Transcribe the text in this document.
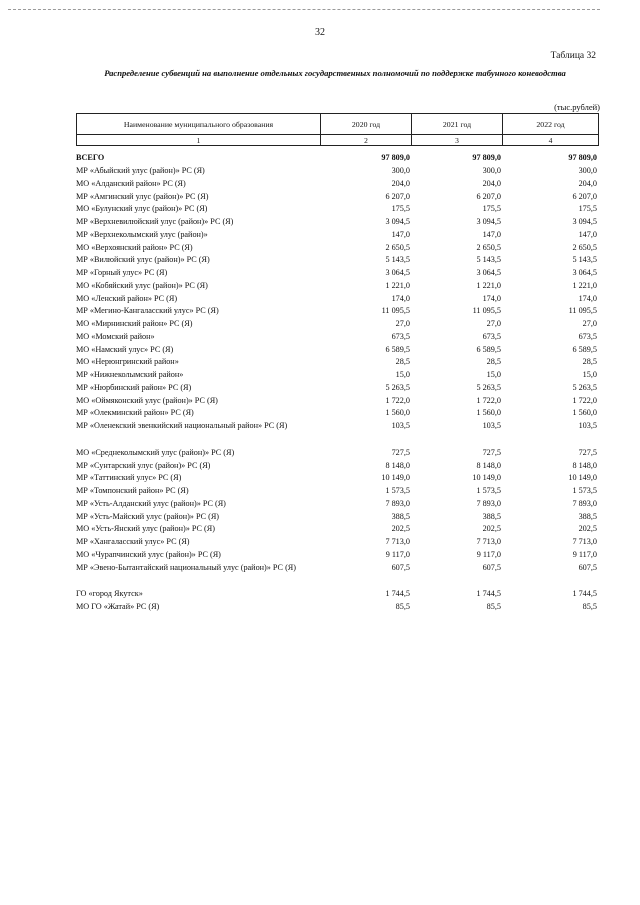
32
Таблица 32
Распределение субвенций на выполнение отдельных государственных полномочий по поддержке табунного коневодства
(тыс.рублей)
Наименование муниципального образования	2020 год	2021 год	2022 год
1	2	3	4
ВСЕГО	97 809,0	97 809,0	97 809,0
МР «Абыйский улус (район)» РС (Я)	300,0	300,0	300,0
МО «Алданский район» РС (Я)	204,0	204,0	204,0
МР «Амгинский улус (район)» РС (Я)	6 207,0	6 207,0	6 207,0
МО «Булунский улус (район)» РС (Я)	175,5	175,5	175,5
МР «Верхневилюйский улус (район)» РС (Я)	3 094,5	3 094,5	3 094,5
МР «Верхнеколымский улус (район)»	147,0	147,0	147,0
МО «Верхоянский район» РС (Я)	2 650,5	2 650,5	2 650,5
МР «Вилюйский улус (район)» РС (Я)	5 143,5	5 143,5	5 143,5
МР «Горный улус» РС (Я)	3 064,5	3 064,5	3 064,5
МО «Кобяйский улус (район)» РС (Я)	1 221,0	1 221,0	1 221,0
МО «Ленский район» РС (Я)	174,0	174,0	174,0
МР «Мегино-Кангаласский улус» РС (Я)	11 095,5	11 095,5	11 095,5
МО «Мирнинский район» РС (Я)	27,0	27,0	27,0
МО «Момский район»	673,5	673,5	673,5
МО «Намский улус» РС (Я)	6 589,5	6 589,5	6 589,5
МО «Нерюнгринский район»	28,5	28,5	28,5
МР «Нижнеколымский район»	15,0	15,0	15,0
МР «Нюрбинский район» РС (Я)	5 263,5	5 263,5	5 263,5
МО «Оймяконский улус (район)» РС (Я)	1 722,0	1 722,0	1 722,0
МР «Олекминский район» РС (Я)	1 560,0	1 560,0	1 560,0
МР «Оленекский эвенкийский национальный район» РС (Я)	103,5	103,5	103,5

МО «Среднеколымский улус (район)» РС (Я)	727,5	727,5	727,5
МР «Сунтарский улус (район)» РС (Я)	8 148,0	8 148,0	8 148,0
МР «Таттинский улус» РС (Я)	10 149,0	10 149,0	10 149,0
МР «Томпонский район» РС (Я)	1 573,5	1 573,5	1 573,5
МР «Усть-Алданский улус (район)» РС (Я)	7 893,0	7 893,0	7 893,0
МР «Усть-Майский улус (район)» РС (Я)	388,5	388,5	388,5
МО «Усть-Янский улус (район)» РС (Я)	202,5	202,5	202,5
МР «Хангаласский улус» РС (Я)	7 713,0	7 713,0	7 713,0
МО «Чурапчинский улус (район)» РС (Я)	9 117,0	9 117,0	9 117,0
МР «Эвено-Бытантайский национальный улус (район)» РС (Я)	607,5	607,5	607,5

ГО «город Якутск»	1 744,5	1 744,5	1 744,5
МО ГО «Жатай» РС (Я)	85,5	85,5	85,5
